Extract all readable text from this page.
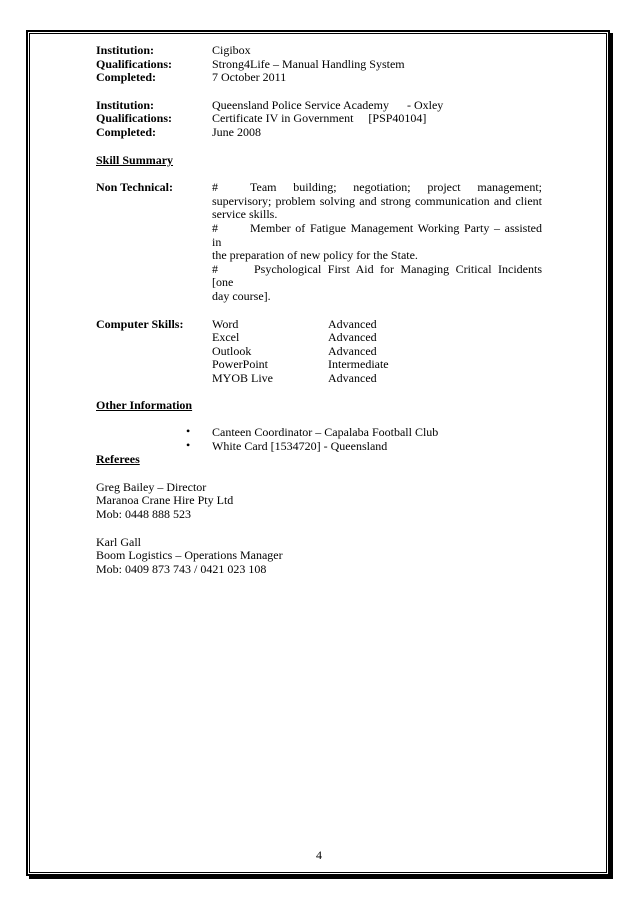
Institution:	Cigibox
Qualifications:	Strong4Life – Manual Handling System
Completed:	7 October 2011
Institution:	Queensland Police Service Academy      - Oxley
Qualifications:	Certificate IV in Government     [PSP40104]
Completed:	June 2008
Skill Summary
Non Technical:	#	Team building; negotiation; project management;
supervisory; problem solving and strong communication and client
service skills.
#	Member of Fatigue Management Working Party – assisted in
the preparation of new policy for the State.
#	Psychological First Aid for Managing Critical Incidents [one
day course].
Computer Skills:	Word	Advanced
Excel	Advanced
Outlook	Advanced
PowerPoint	Intermediate
MYOB Live	Advanced
Other Information
• Canteen Coordinator – Capalaba Football Club
• White Card [1534720] - Queensland
Referees
Greg Bailey – Director
Maranoa Crane Hire Pty Ltd
Mob: 0448 888 523
Karl Gall
Boom Logistics – Operations Manager
Mob: 0409 873 743 / 0421 023 108
4
